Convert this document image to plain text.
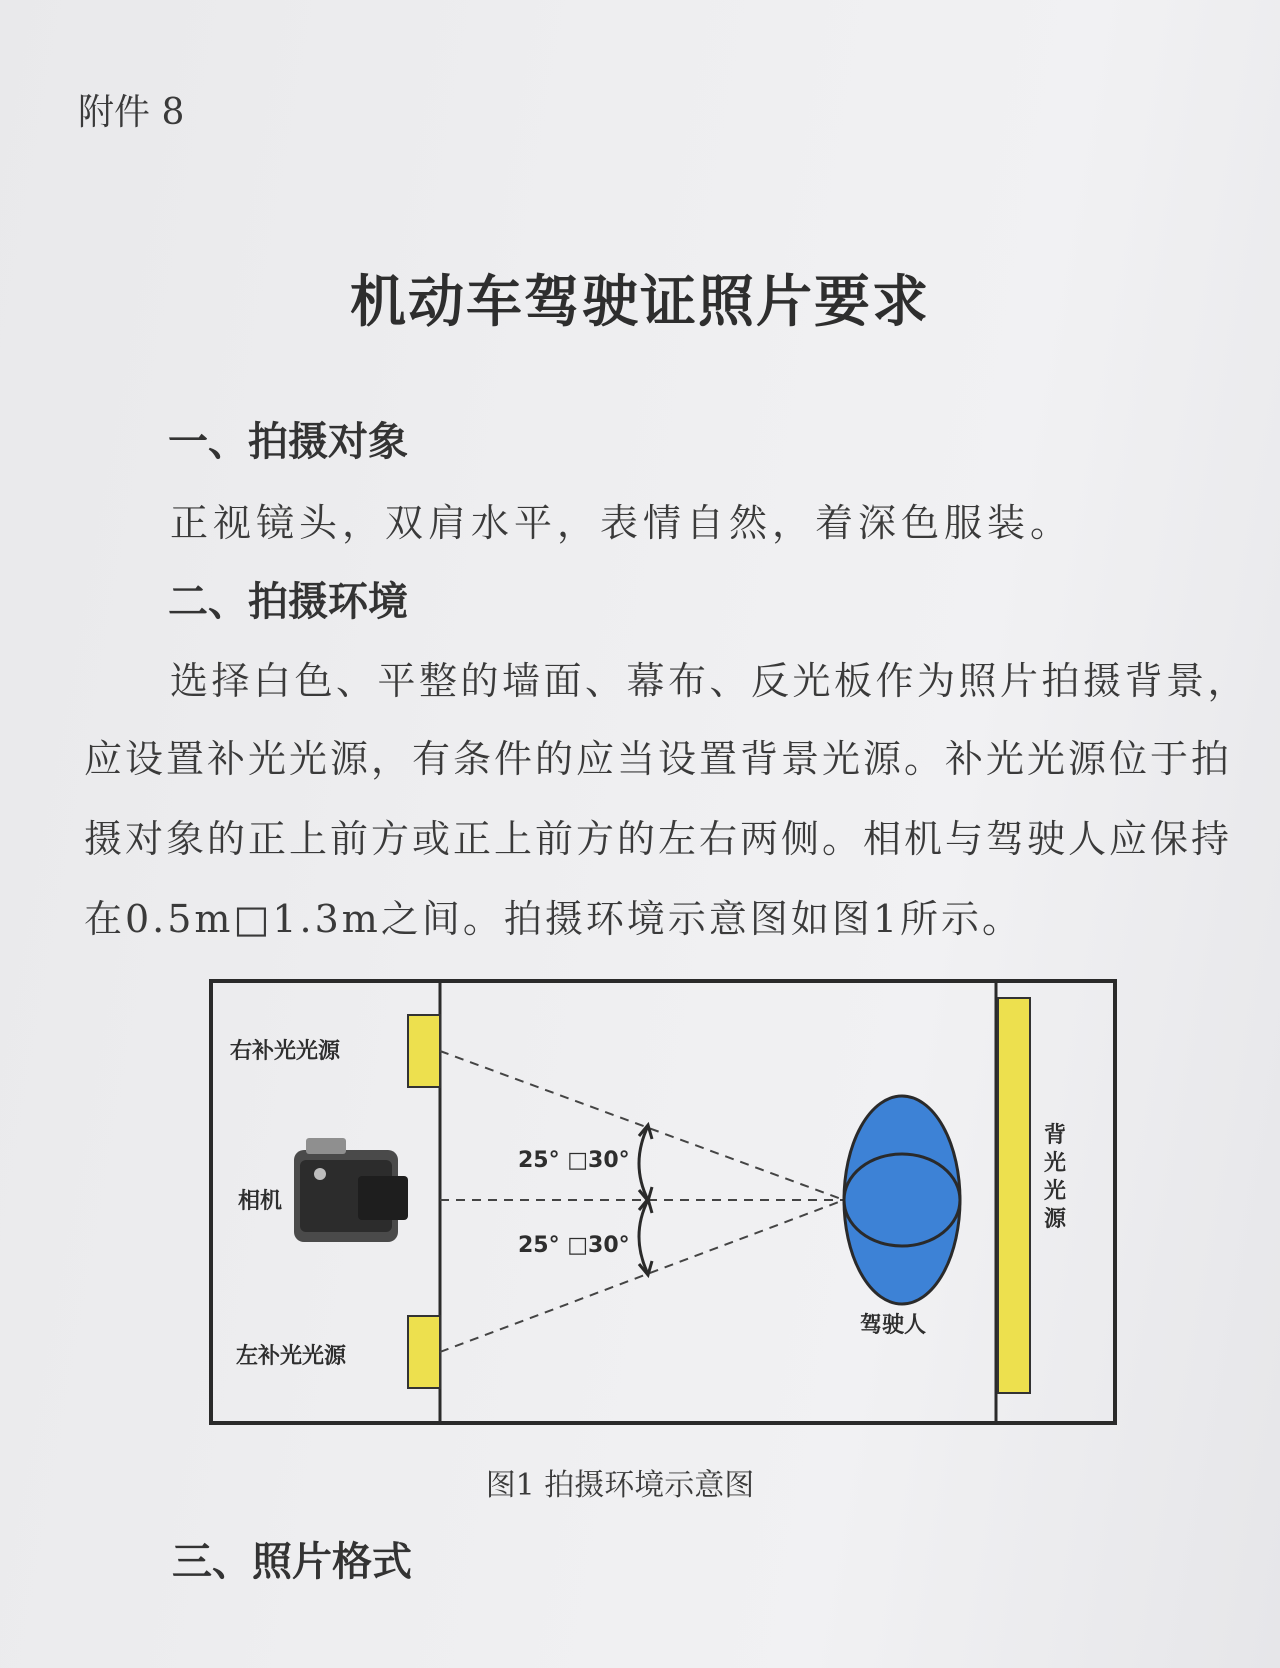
附件 8
机动车驾驶证照片要求
一、拍摄对象
正视镜头，双肩水平，表情自然，着深色服装。
二、拍摄环境
选择白色、平整的墙面、幕布、反光板作为照片拍摄背景，
应设置补光光源，有条件的应当设置背景光源。补光光源位于拍
摄对象的正上前方或正上前方的左右两侧。相机与驾驶人应保持
在0.5m□1.3m之间。拍摄环境示意图如图1所示。
右补光光源
相机
左补光光源
驾驶人
25° □30°
25° □30°
背
光
光
源
图1 拍摄环境示意图
三、照片格式
